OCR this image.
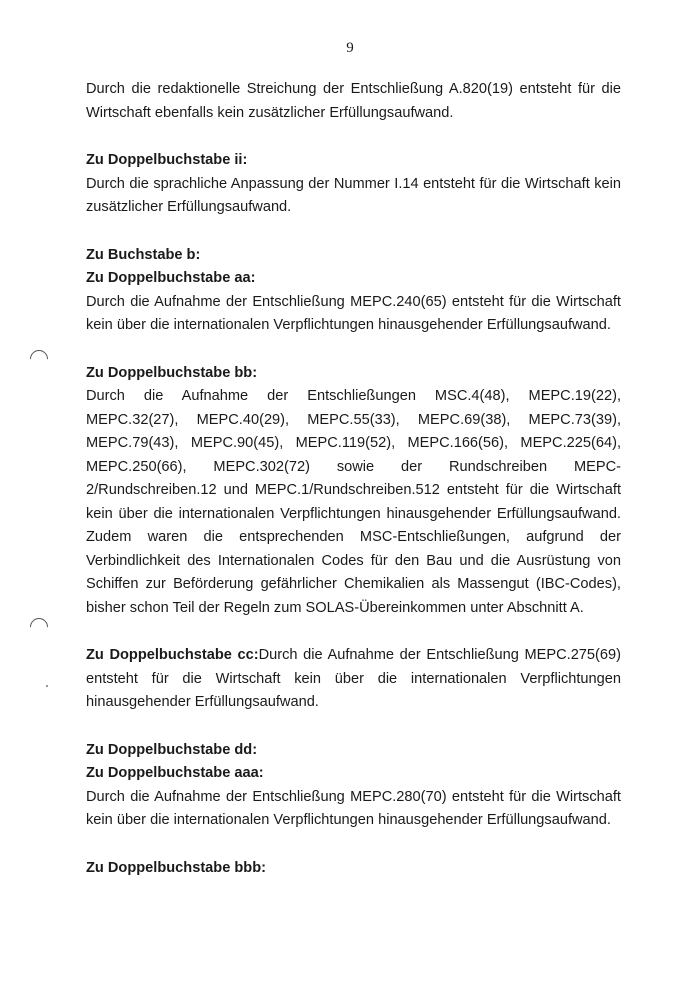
9

Durch die redaktionelle Streichung der Entschließung A.820(19) entsteht für die Wirtschaft ebenfalls kein zusätzlicher Erfüllungsaufwand.

Zu Doppelbuchstabe ii:

Durch die sprachliche Anpassung der Nummer I.14 entsteht für die Wirtschaft kein zusätzlicher Erfüllungsaufwand.

Zu Buchstabe b:

Zu Doppelbuchstabe aa:

Durch die Aufnahme der Entschließung MEPC.240(65) entsteht für die Wirtschaft kein über die internationalen Verpflichtungen hinausgehender Erfüllungsaufwand.

Zu Doppelbuchstabe bb:

Durch die Aufnahme der Entschließungen MSC.4(48), MEPC.19(22), MEPC.32(27), MEPC.40(29), MEPC.55(33), MEPC.69(38), MEPC.73(39), MEPC.79(43), MEPC.90(45), MEPC.119(52), MEPC.166(56), MEPC.225(64), MEPC.250(66), MEPC.302(72) sowie der Rundschreiben MEPC-2/Rundschreiben.12 und MEPC.1/Rundschreiben.512 entsteht für die Wirtschaft kein über die internationalen Verpflichtungen hinausgehender Erfüllungsaufwand. Zudem waren die entsprechenden MSC-Entschließungen, aufgrund der Verbindlichkeit des Internationalen Codes für den Bau und die Ausrüstung von Schiffen zur Beförderung gefährlicher Chemikalien als Massengut (IBC-Codes), bisher schon Teil der Regeln zum SOLAS-Übereinkommen unter Abschnitt A.

Zu Doppelbuchstabe cc:Durch die Aufnahme der Entschließung MEPC.275(69) entsteht für die Wirtschaft kein über die internationalen Verpflichtungen hinausgehender Erfüllungsaufwand.

Zu Doppelbuchstabe dd:

Zu Doppelbuchstabe aaa:

Durch die Aufnahme der Entschließung MEPC.280(70) entsteht für die Wirtschaft kein über die internationalen Verpflichtungen hinausgehender Erfüllungsaufwand.

Zu Doppelbuchstabe bbb:
